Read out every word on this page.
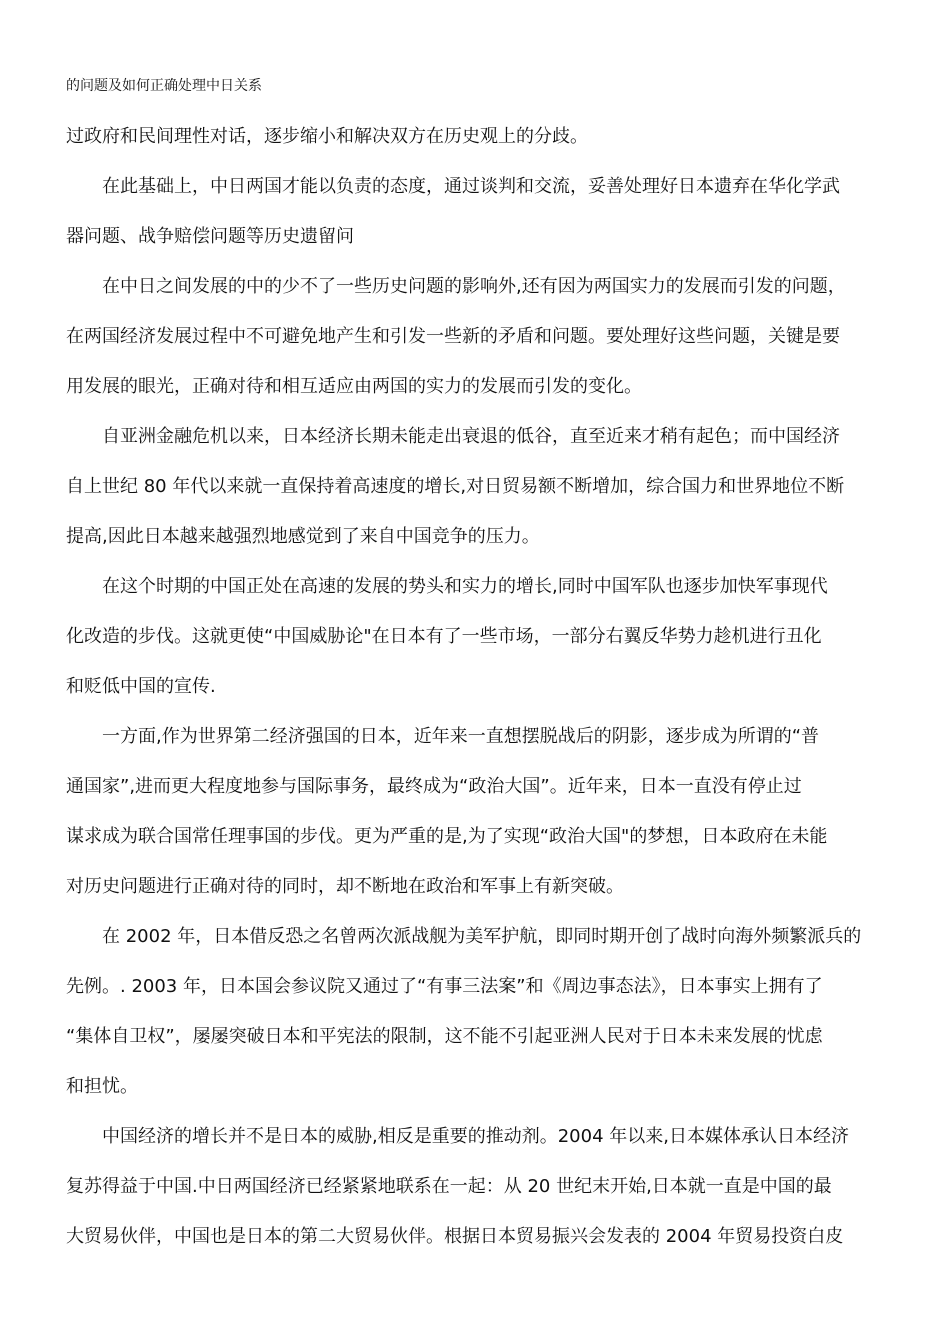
的问题及如何正确处理中日关系
过政府和民间理性对话，逐步缩小和解决双方在历史观上的分歧。
在此基础上，中日两国才能以负责的态度，通过谈判和交流，妥善处理好日本遗弃在华化学武
器问题、战争赔偿问题等历史遗留问
在中日之间发展的中的少不了一些历史问题的影响外,还有因为两国实力的发展而引发的问题，
在两国经济发展过程中不可避免地产生和引发一些新的矛盾和问题。要处理好这些问题，关键是要
用发展的眼光，正确对待和相互适应由两国的实力的发展而引发的变化。
自亚洲金融危机以来，日本经济长期未能走出衰退的低谷，直至近来才稍有起色；而中国经济
自上世纪 80 年代以来就一直保持着高速度的增长,对日贸易额不断增加，综合国力和世界地位不断
提高,因此日本越来越强烈地感觉到了来自中国竞争的压力。
在这个时期的中国正处在高速的发展的势头和实力的增长,同时中国军队也逐步加快军事现代
化改造的步伐。这就更使“中国威胁论"在日本有了一些市场，一部分右翼反华势力趁机进行丑化
和贬低中国的宣传.
一方面,作为世界第二经济强国的日本，近年来一直想摆脱战后的阴影，逐步成为所谓的“普
通国家”,进而更大程度地参与国际事务，最终成为“政治大国”。近年来，日本一直没有停止过
谋求成为联合国常任理事国的步伐。更为严重的是,为了实现“政治大国"的梦想，日本政府在未能
对历史问题进行正确对待的同时，却不断地在政治和军事上有新突破。
在 2002 年，日本借反恐之名曾两次派战舰为美军护航，即同时期开创了战时向海外频繁派兵的
先例。. 2003 年，日本国会参议院又通过了“有事三法案”和《周边事态法》，日本事实上拥有了
“集体自卫权”，屡屡突破日本和平宪法的限制，这不能不引起亚洲人民对于日本未来发展的忧虑
和担忧。
中国经济的增长并不是日本的威胁,相反是重要的推动剂。2004 年以来,日本媒体承认日本经济
复苏得益于中国.中日两国经济已经紧紧地联系在一起：从 20 世纪末开始,日本就一直是中国的最
大贸易伙伴，中国也是日本的第二大贸易伙伴。根据日本贸易振兴会发表的 2004 年贸易投资白皮
